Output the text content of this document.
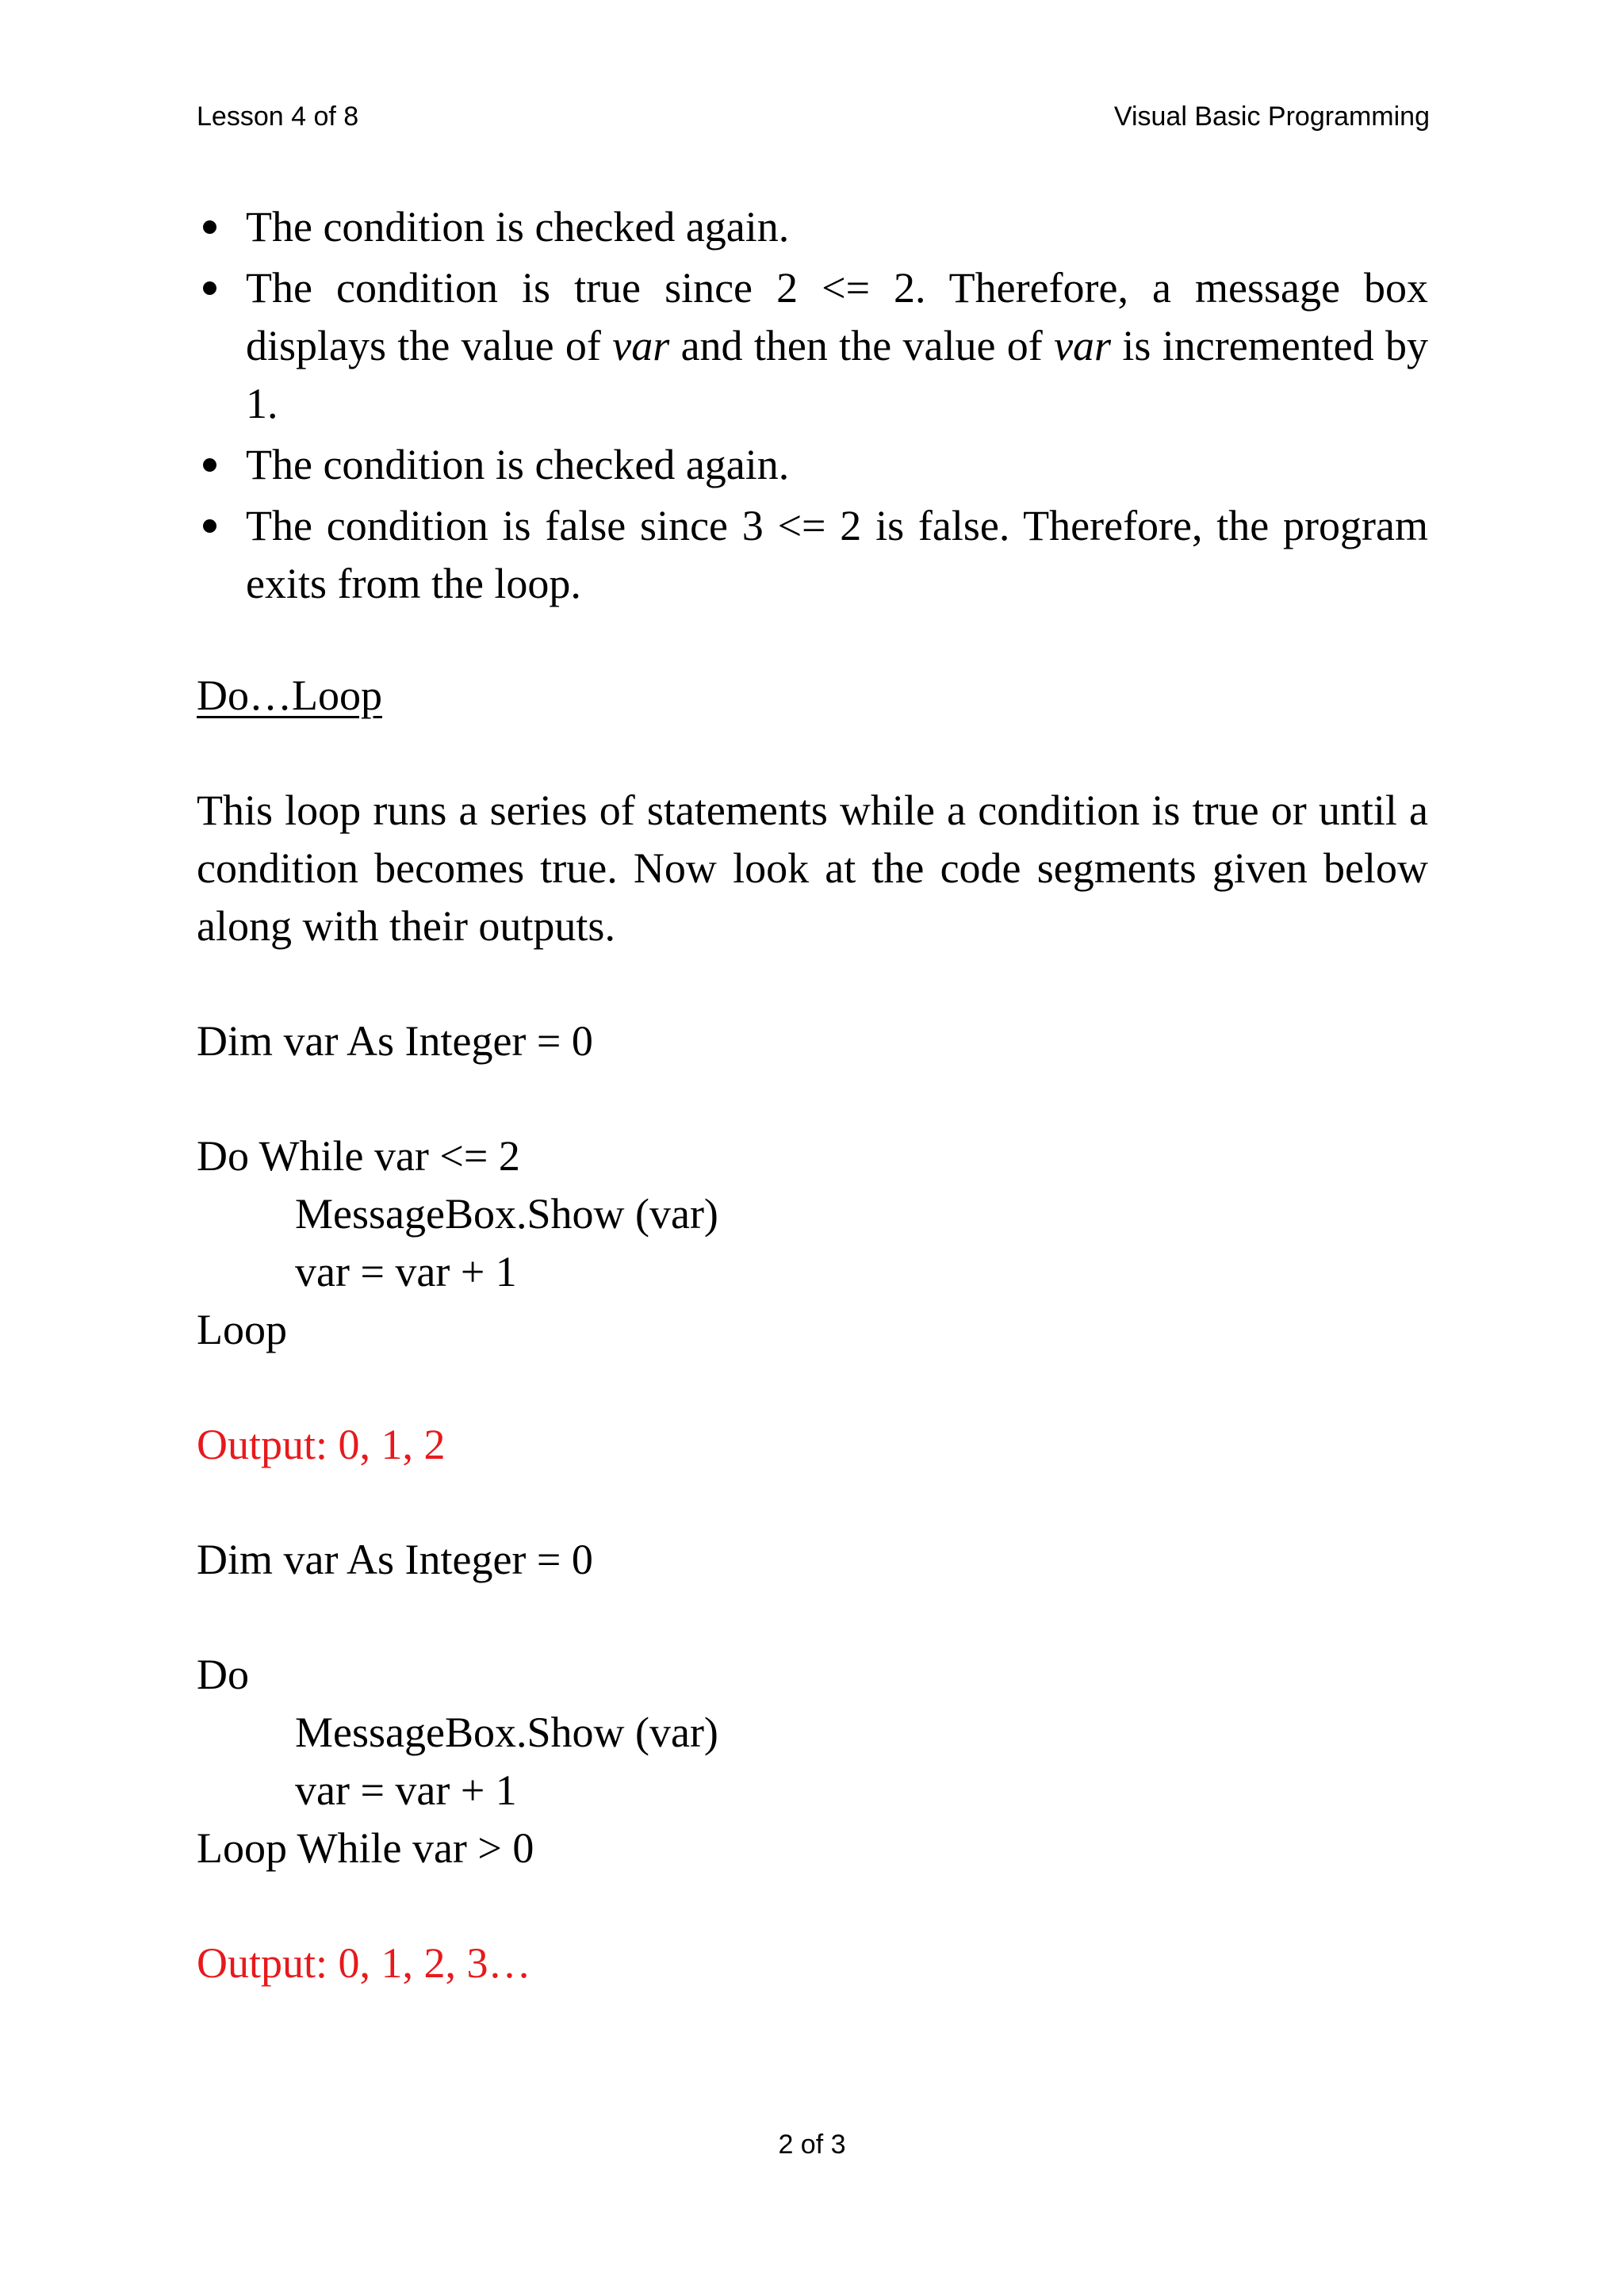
Lesson 4 of 8	Visual Basic Programming
The condition is checked again.
The condition is true since 2 <= 2. Therefore, a message box displays the value of var and then the value of var is incremented by 1.
The condition is checked again.
The condition is false since 3 <= 2 is false. Therefore, the program exits from the loop.
Do…Loop
This loop runs a series of statements while a condition is true or until a condition becomes true. Now look at the code segments given below along with their outputs.
Dim var As Integer = 0
Do While var <= 2
MessageBox.Show (var)
var = var + 1
Loop
Output: 0, 1, 2
Dim var As Integer = 0
Do
MessageBox.Show (var)
var = var + 1
Loop While var > 0
Output: 0, 1, 2, 3…
2 of 3
